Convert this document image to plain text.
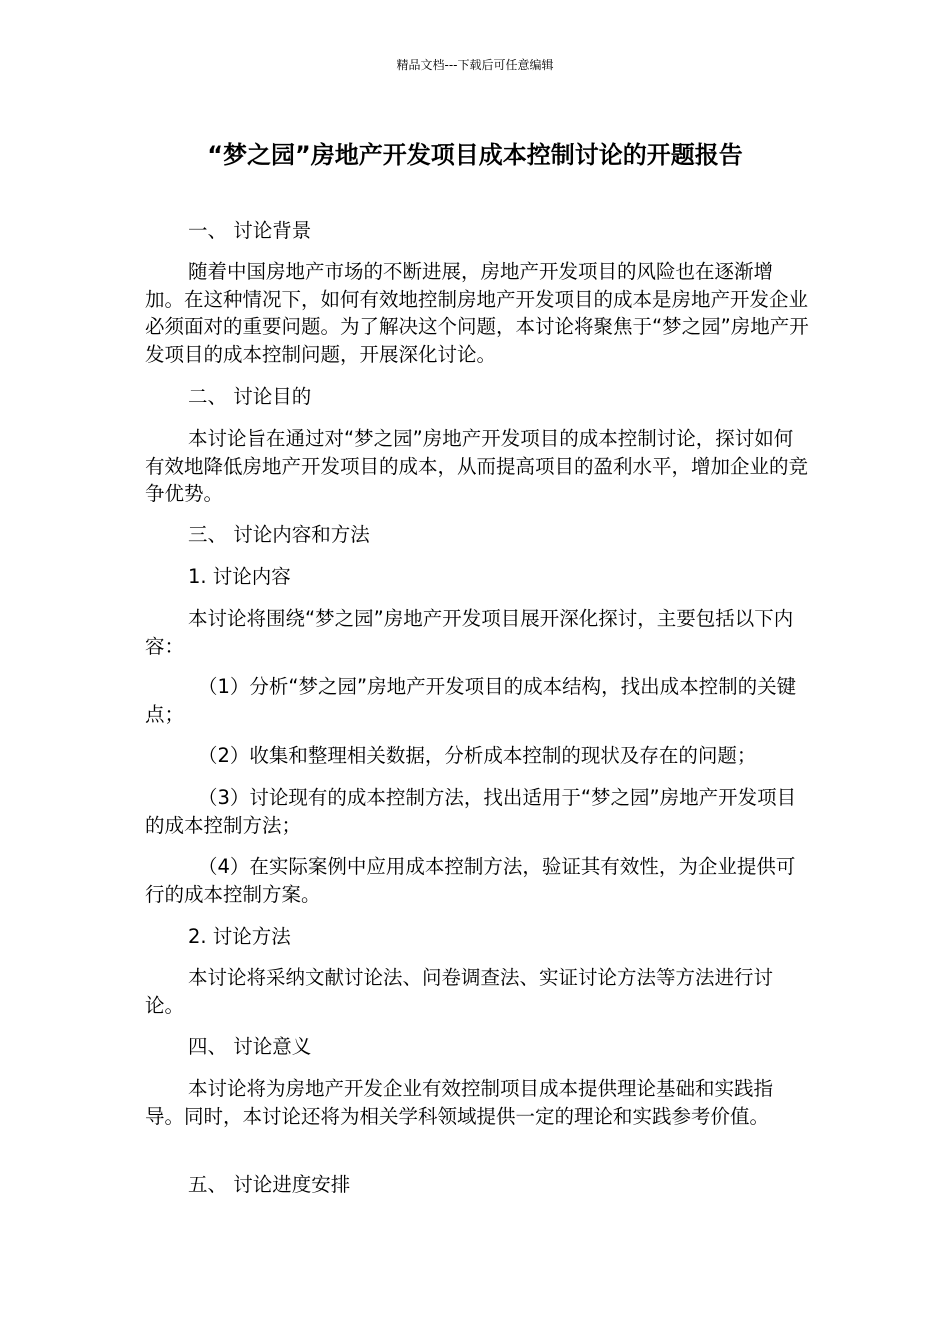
精品文档---下载后可任意编辑
“梦之园”房地产开发项目成本控制讨论的开题报告
一、 讨论背景
随着中国房地产市场的不断进展，房地产开发项目的风险也在逐渐增加。在这种情况下，如何有效地控制房地产开发项目的成本是房地产开发企业必须面对的重要问题。为了解决这个问题，本讨论将聚焦于“梦之园”房地产开发项目的成本控制问题，开展深化讨论。
二、 讨论目的
本讨论旨在通过对“梦之园”房地产开发项目的成本控制讨论，探讨如何有效地降低房地产开发项目的成本，从而提高项目的盈利水平，增加企业的竞争优势。
三、 讨论内容和方法
1. 讨论内容
本讨论将围绕“梦之园”房地产开发项目展开深化探讨，主要包括以下内容：
（1）分析“梦之园”房地产开发项目的成本结构，找出成本控制的关键点；
（2）收集和整理相关数据，分析成本控制的现状及存在的问题；
（3）讨论现有的成本控制方法，找出适用于“梦之园”房地产开发项目的成本控制方法；
（4）在实际案例中应用成本控制方法，验证其有效性，为企业提供可行的成本控制方案。
2. 讨论方法
本讨论将采纳文献讨论法、问卷调查法、实证讨论方法等方法进行讨论。
四、 讨论意义
本讨论将为房地产开发企业有效控制项目成本提供理论基础和实践指导。同时，本讨论还将为相关学科领域提供一定的理论和实践参考价值。
五、 讨论进度安排
